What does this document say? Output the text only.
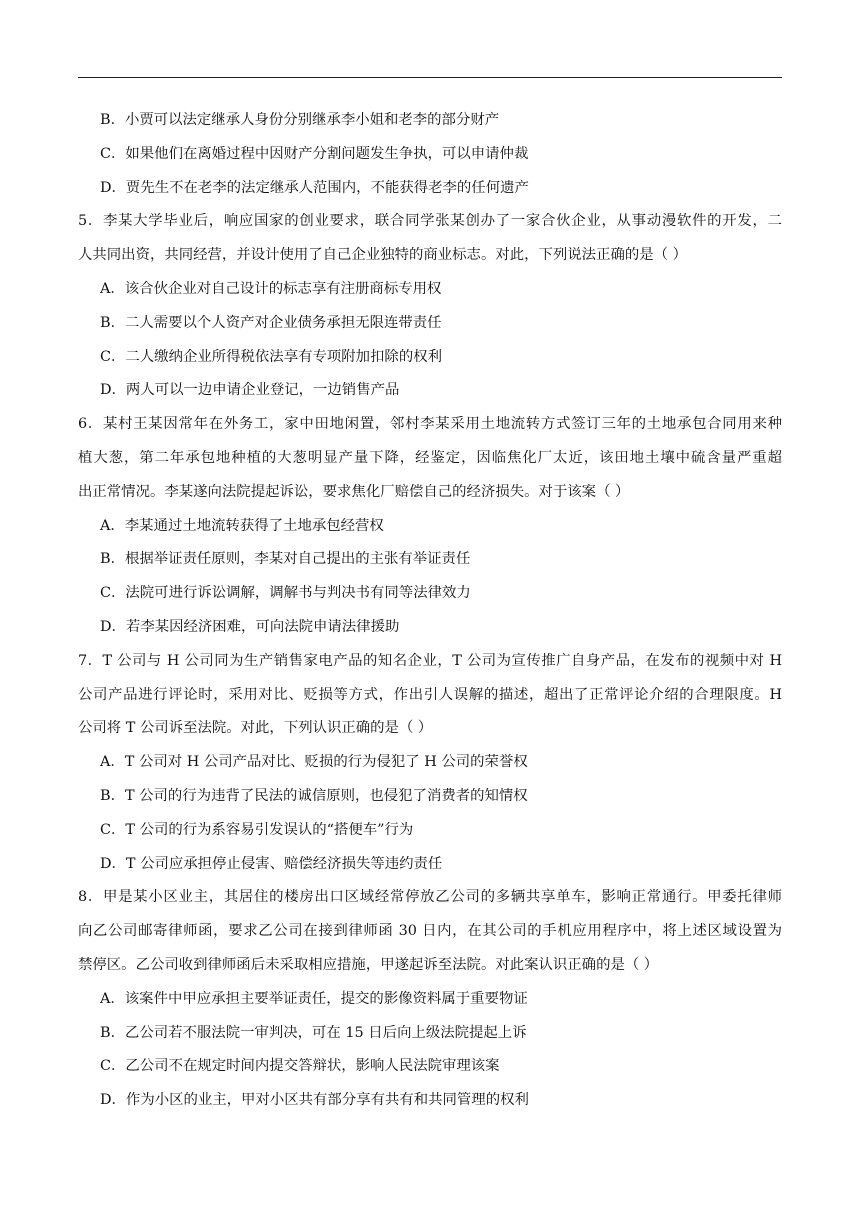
B．小贾可以法定继承人身份分别继承李小姐和老李的部分财产
C．如果他们在离婚过程中因财产分割问题发生争执，可以申请仲裁
D．贾先生不在老李的法定继承人范围内，不能获得老李的任何遗产
5．李某大学毕业后，响应国家的创业要求，联合同学张某创办了一家合伙企业，从事动漫软件的开发，二
人共同出资，共同经营，并设计使用了自己企业独特的商业标志。对此，下列说法正确的是（ ）
A．该合伙企业对自己设计的标志享有注册商标专用权
B．二人需要以个人资产对企业债务承担无限连带责任
C．二人缴纳企业所得税依法享有专项附加扣除的权利
D．两人可以一边申请企业登记，一边销售产品
6．某村王某因常年在外务工，家中田地闲置，邻村李某采用土地流转方式签订三年的土地承包合同用来种
植大葱，第二年承包地种植的大葱明显产量下降，经鉴定，因临焦化厂太近，该田地土壤中硫含量严重超
出正常情况。李某遂向法院提起诉讼，要求焦化厂赔偿自己的经济损失。对于该案（ ）
A．李某通过土地流转获得了土地承包经营权
B．根据举证责任原则，李某对自己提出的主张有举证责任
C．法院可进行诉讼调解，调解书与判决书有同等法律效力
D．若李某因经济困难，可向法院申请法律援助
7．T 公司与 H 公司同为生产销售家电产品的知名企业，T 公司为宣传推广自身产品，在发布的视频中对 H
公司产品进行评论时，采用对比、贬损等方式，作出引人误解的描述，超出了正常评论介绍的合理限度。H
公司将 T 公司诉至法院。对此，下列认识正确的是（ ）
A．T 公司对 H 公司产品对比、贬损的行为侵犯了 H 公司的荣誉权
B．T 公司的行为违背了民法的诚信原则，也侵犯了消费者的知情权
C．T 公司的行为系容易引发误认的“搭便车”行为
D．T 公司应承担停止侵害、赔偿经济损失等违约责任
8．甲是某小区业主，其居住的楼房出口区域经常停放乙公司的多辆共享单车，影响正常通行。甲委托律师
向乙公司邮寄律师函，要求乙公司在接到律师函 30 日内，在其公司的手机应用程序中，将上述区域设置为
禁停区。乙公司收到律师函后未采取相应措施，甲遂起诉至法院。对此案认识正确的是（ ）
A．该案件中甲应承担主要举证责任，提交的影像资料属于重要物证
B．乙公司若不服法院一审判决，可在 15 日后向上级法院提起上诉
C．乙公司不在规定时间内提交答辩状，影响人民法院审理该案
D．作为小区的业主，甲对小区共有部分享有共有和共同管理的权利
